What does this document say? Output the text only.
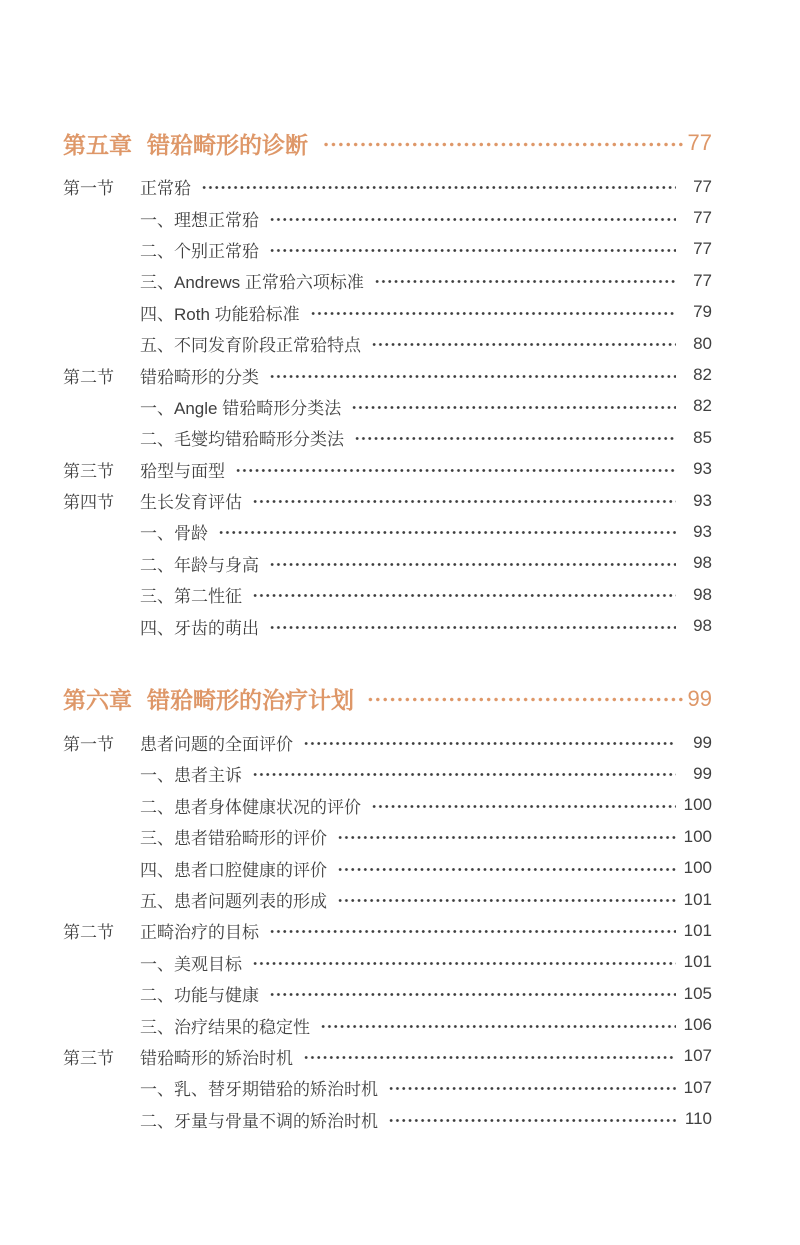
第五章 错𬌗畸形的诊断	77
第一节	正常𬌗	77
一、理想正常𬌗	77
二、个别正常𬌗	77
三、Andrews 正常𬌗六项标准	77
四、Roth 功能𬌗标准	79
五、不同发育阶段正常𬌗特点	80
第二节	错𬌗畸形的分类	82
一、Angle 错𬌗畸形分类法	82
二、毛燮均错𬌗畸形分类法	85
第三节	𬌗型与面型	93
第四节	生长发育评估	93
一、骨龄	93
二、年龄与身高	98
三、第二性征	98
四、牙齿的萌出	98
第六章 错𬌗畸形的治疗计划	99
第一节	患者问题的全面评价	99
一、患者主诉	99
二、患者身体健康状况的评价	100
三、患者错𬌗畸形的评价	100
四、患者口腔健康的评价	100
五、患者问题列表的形成	101
第二节	正畸治疗的目标	101
一、美观目标	101
二、功能与健康	105
三、治疗结果的稳定性	106
第三节	错𬌗畸形的矫治时机	107
一、乳、替牙期错𬌗的矫治时机	107
二、牙量与骨量不调的矫治时机	110
